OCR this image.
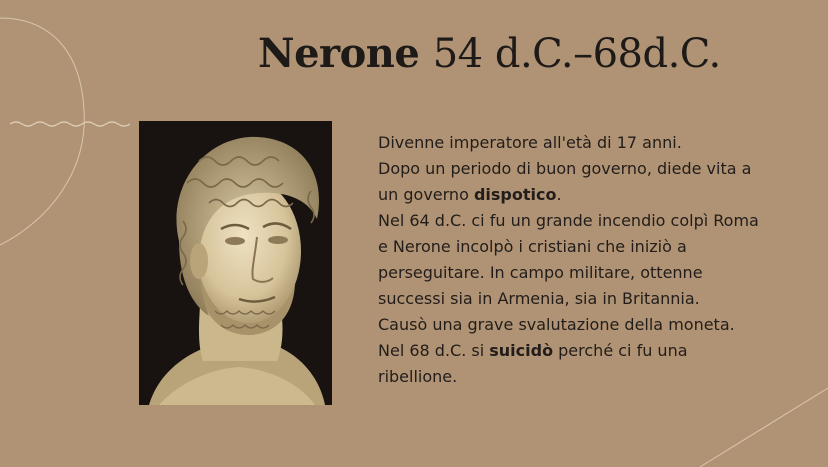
Nerone 54 d.C.–68d.C.

Divenne imperatore all'età di 17 anni.
Dopo un periodo di buon governo, diede vita a
un governo dispotico.
Nel 64 d.C. ci fu un grande incendio colpì Roma
e Nerone incolpò i cristiani che iniziò a
perseguitare. In campo militare, ottenne
successi sia in Armenia, sia in Britannia.
Causò una grave svalutazione della moneta.
Nel 68 d.C. si suicidò perché ci fu una
ribellione.
